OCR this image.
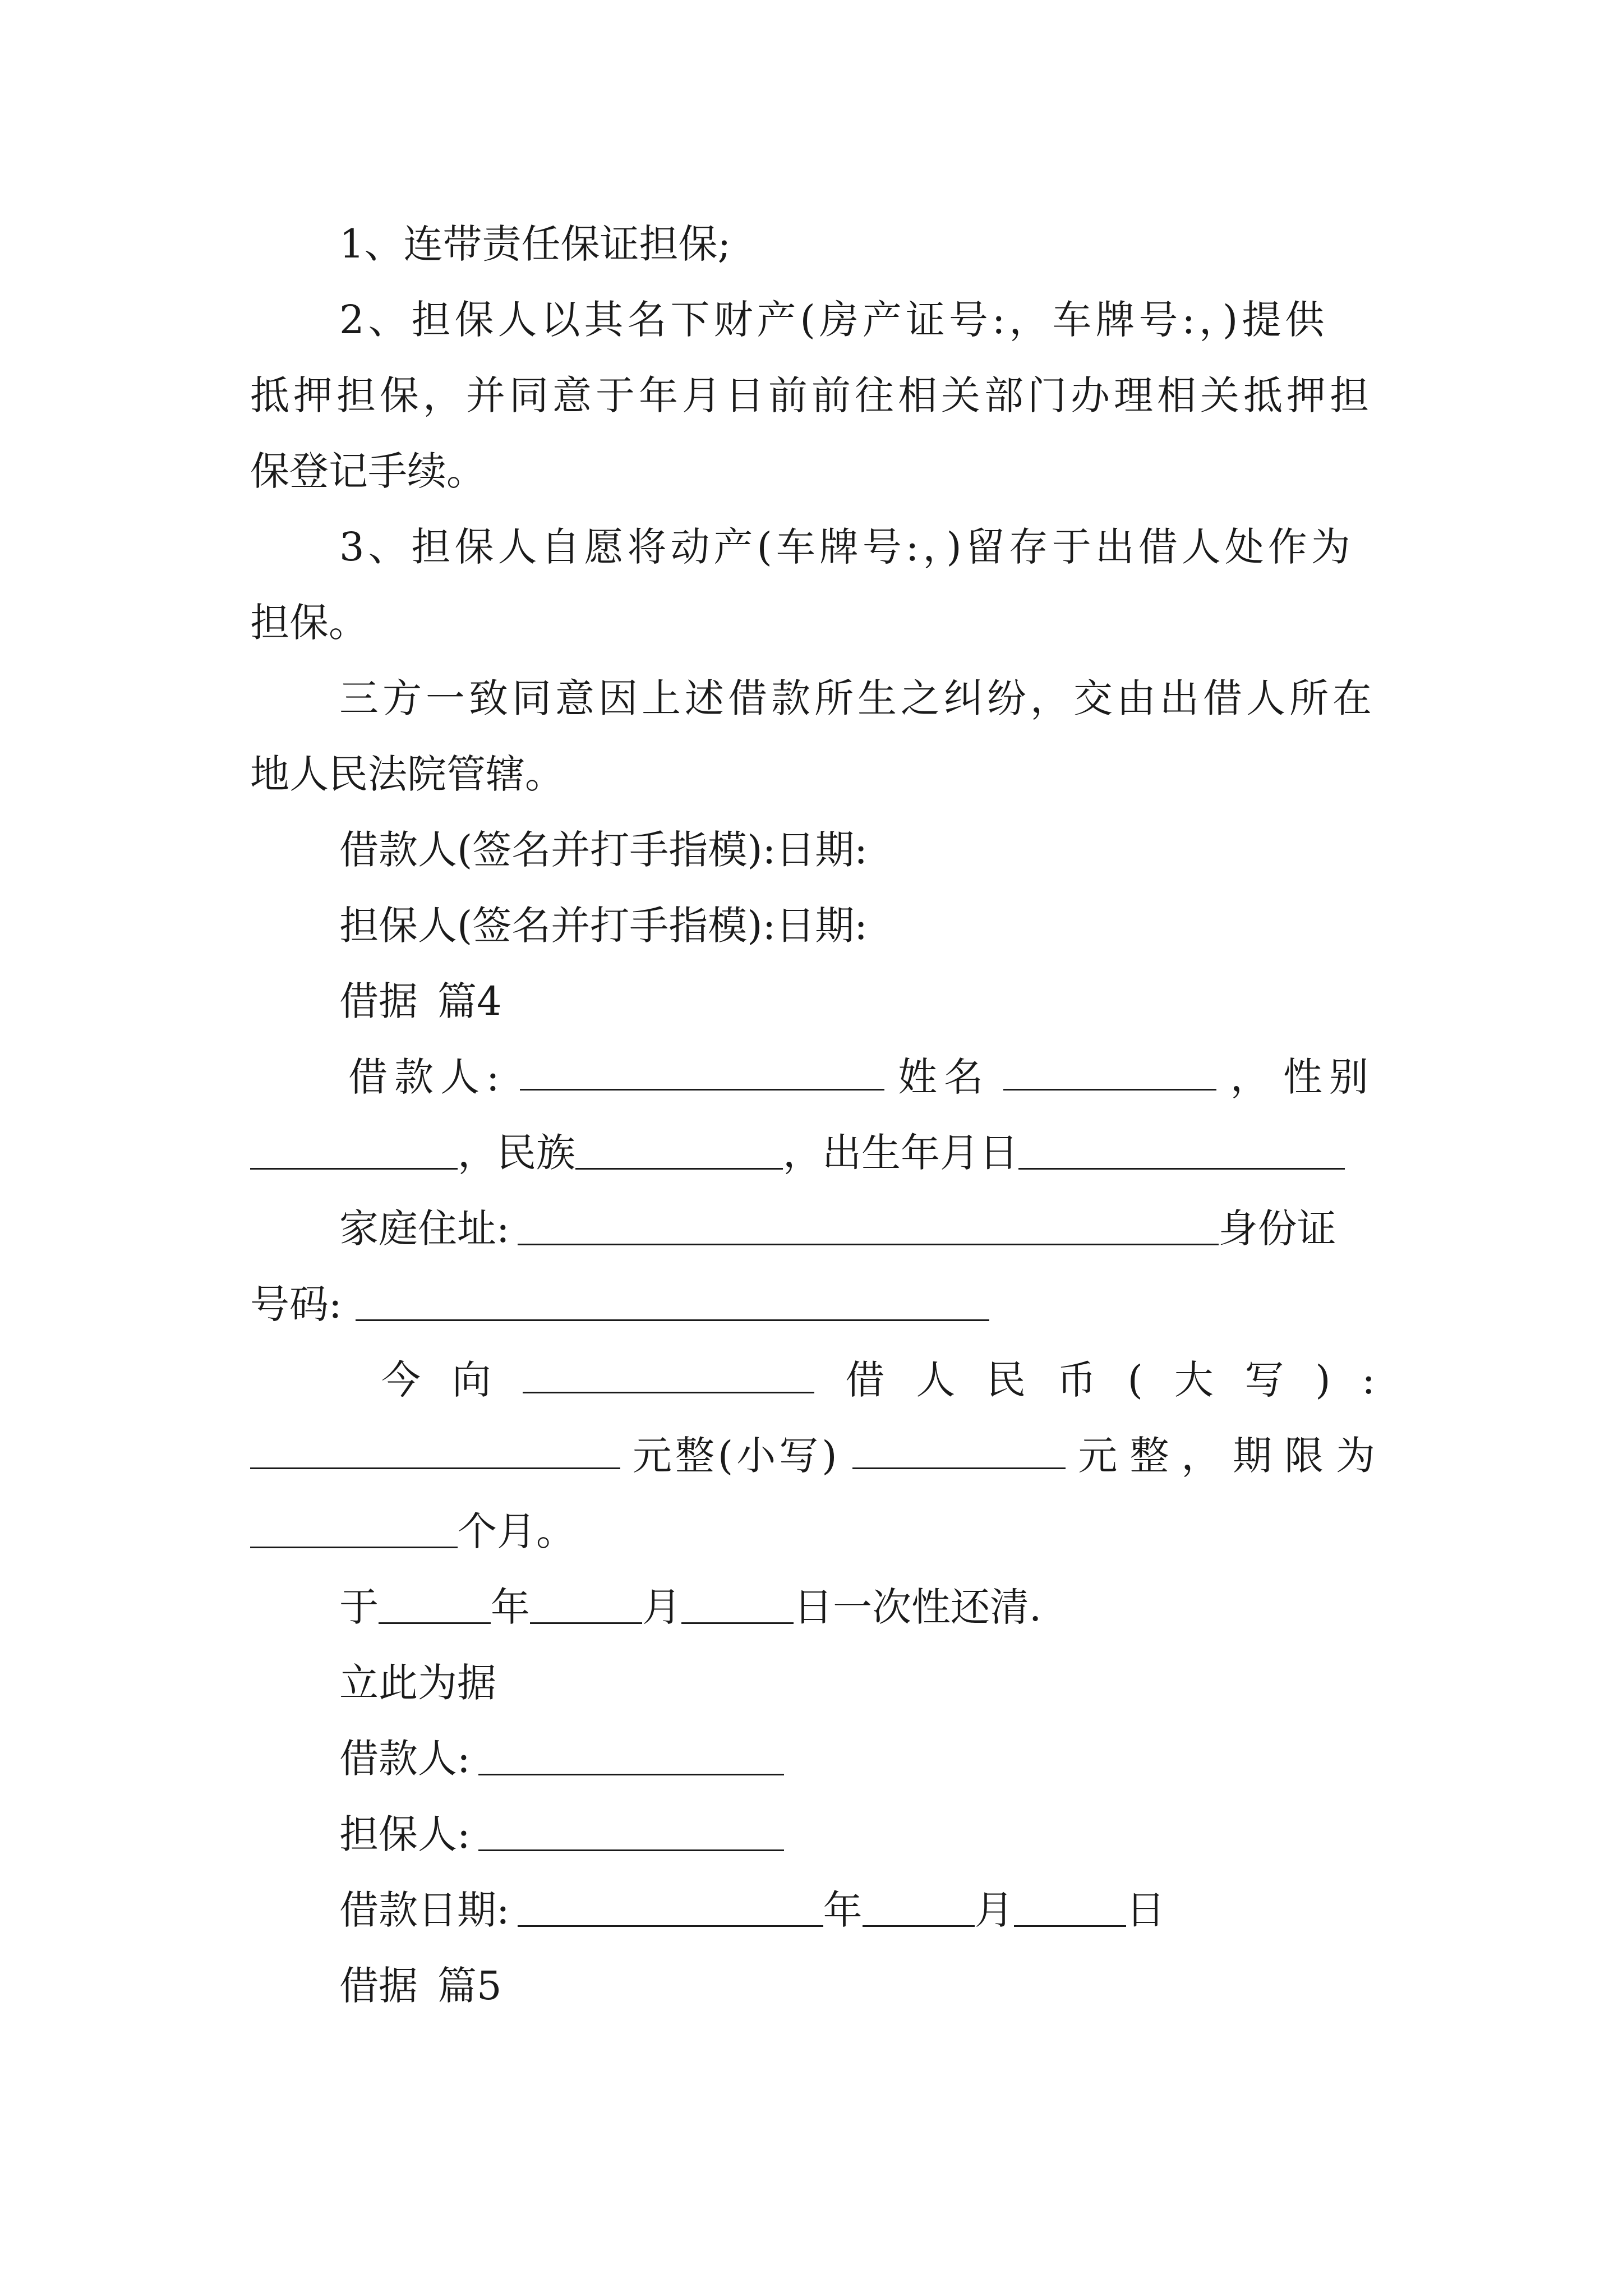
1、连带责任保证担保;
2、担保人以其名下财产(房产证号:，车牌号:，)提供
抵押担保，并同意于年月日前前往相关部门办理相关抵押担
保登记手续。
3、担保人自愿将动产(车牌号:，)留存于出借人处作为
担保。
三方一致同意因上述借款所生之纠纷，交由出借人所在
地人民法院管辖。
借款人(签名并打手指模):日期:
担保人(签名并打手指模):日期:
借据 篇4
借款人:	姓名	， 性别
，民族	，出生年月日
家庭住址:	身份证
号码:
今 向	借 人 民 币 ( 大 写 ) :
元整(小写)	元 整 ， 期 限 为
个月。
于	年	月	日一次性还清.
立此为据
借款人:
担保人:
借款日期:	年	月	日
借据 篇5
